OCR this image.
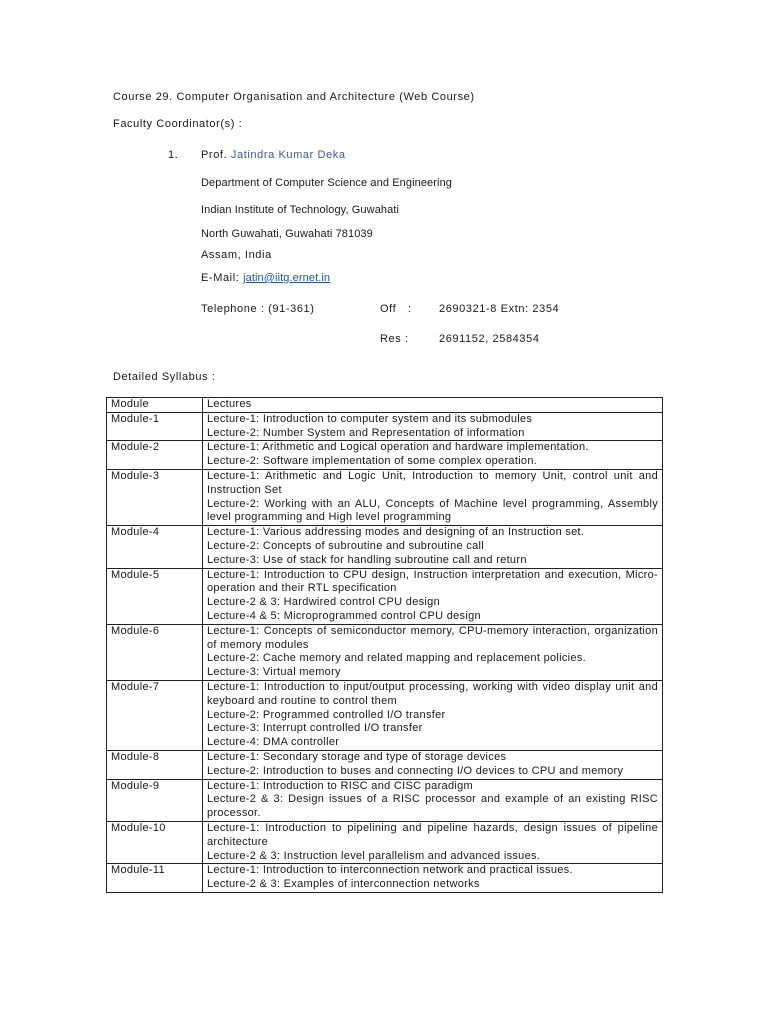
Course 29. Computer Organisation and Architecture (Web Course)
Faculty Coordinator(s) :
1. Prof. Jatindra Kumar Deka
Department of Computer Science and Engineering
Indian Institute of Technology, Guwahati
North Guwahati, Guwahati 781039
Assam, India
E-Mail: jatin@iitg.ernet.in
Telephone : (91-361)	Off : 2690321-8 Extn: 2354
Res :	2691152, 2584354
Detailed Syllabus :
Module	Lectures
Module-1	Lecture-1: Introduction to computer system and its submodules
Lecture-2: Number System and Representation of information

Module-2	Lecture-1: Arithmetic and Logical operation and hardware implementation.
Lecture-2: Software implementation of some complex operation.

Module-3	Lecture-1: Arithmetic and Logic Unit, Introduction to memory Unit, control unit and Instruction Set
Lecture-2: Working with an ALU, Concepts of Machine level programming, Assembly level programming and High level programming

Module-4	Lecture-1: Various addressing modes and designing of an Instruction set.
Lecture-2: Concepts of subroutine and subroutine call
Lecture-3: Use of stack for handling subroutine call and return

Module-5	Lecture-1: Introduction to CPU design, Instruction interpretation and execution, Micro-operation and their RTL specification
Lecture-2 & 3: Hardwired control CPU design
Lecture-4 & 5: Microprogrammed control CPU design

Module-6	Lecture-1: Concepts of semiconductor memory, CPU-memory interaction, organization of memory modules
Lecture-2: Cache memory and related mapping and replacement policies.
Lecture-3: Virtual memory

Module-7	Lecture-1: Introduction to input/output processing, working with video display unit and keyboard and routine to control them
Lecture-2: Programmed controlled I/O transfer
Lecture-3: Interrupt controlled I/O transfer
Lecture-4: DMA controller

Module-8	Lecture-1: Secondary storage and type of storage devices
Lecture-2: Introduction to buses and connecting I/O devices to CPU and memory

Module-9	Lecture-1: Introduction to RISC and CISC paradigm
Lecture-2 & 3: Design issues of a RISC processor and example of an existing RISC processor.

Module-10	Lecture-1: Introduction to pipelining and pipeline hazards, design issues of pipeline architecture
Lecture-2 & 3: Instruction level parallelism and advanced issues.

Module-11	Lecture-1: Introduction to interconnection network and practical issues.
Lecture-2 & 3: Examples of interconnection networks
